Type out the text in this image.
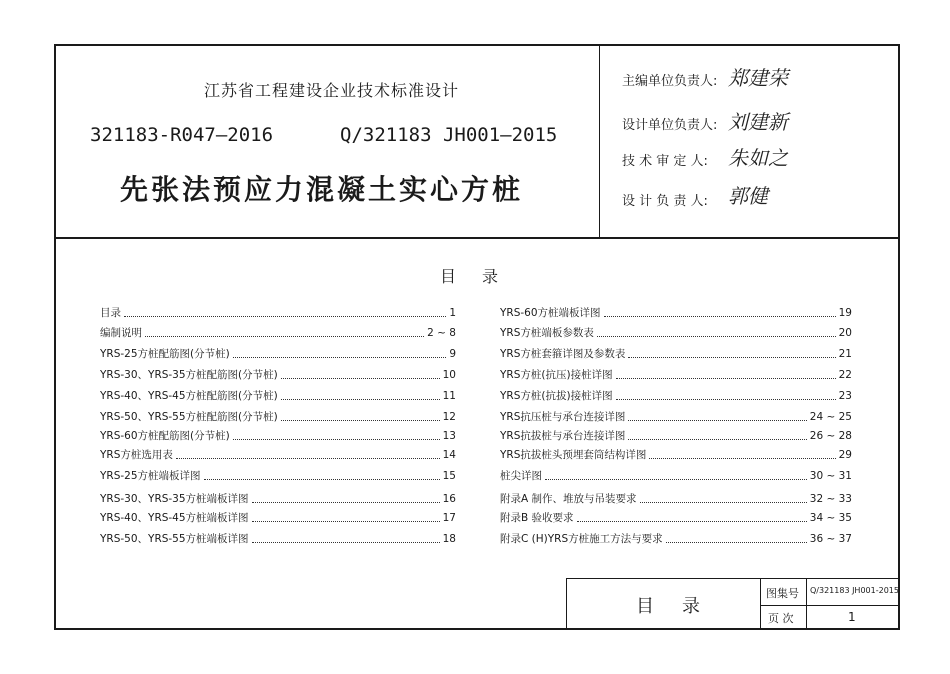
江苏省工程建设企业技术标准设计
321183-R047—2016	Q/321183 JH001—2015
先张法预应力混凝土实心方桩
主编单位负责人: 郑建荣
设计单位负责人: 刘建新
技 术 审 定 人: 朱如之
设 计 负 责 人: 郭健
目录
目录	1
编制说明	2 ~ 8
YRS-25方桩配筋图(分节桩)	9
YRS-30、YRS-35方桩配筋图(分节桩)	10
YRS-40、YRS-45方桩配筋图(分节桩)	11
YRS-50、YRS-55方桩配筋图(分节桩)	12
YRS-60方桩配筋图(分节桩)	13
YRS方桩选用表	14
YRS-25方桩端板详图	15
YRS-30、YRS-35方桩端板详图	16
YRS-40、YRS-45方桩端板详图	17
YRS-50、YRS-55方桩端板详图	18
YRS-60方桩端板详图	19
YRS方桩端板参数表	20
YRS方桩套箍详图及参数表	21
YRS方桩(抗压)接桩详图	22
YRS方桩(抗拔)接桩详图	23
YRS抗压桩与承台连接详图	24 ~ 25
YRS抗拔桩与承台连接详图	26 ~ 28
YRS抗拔桩头预埋套筒结构详图	29
桩尖详图	30 ~ 31
附录A 制作、堆放与吊装要求	32 ~ 33
附录B 验收要求	34 ~ 35
附录C (H)YRS方桩施工方法与要求	36 ~ 37
目录
图集号 Q/321183 JH001-2015
页 次	1
